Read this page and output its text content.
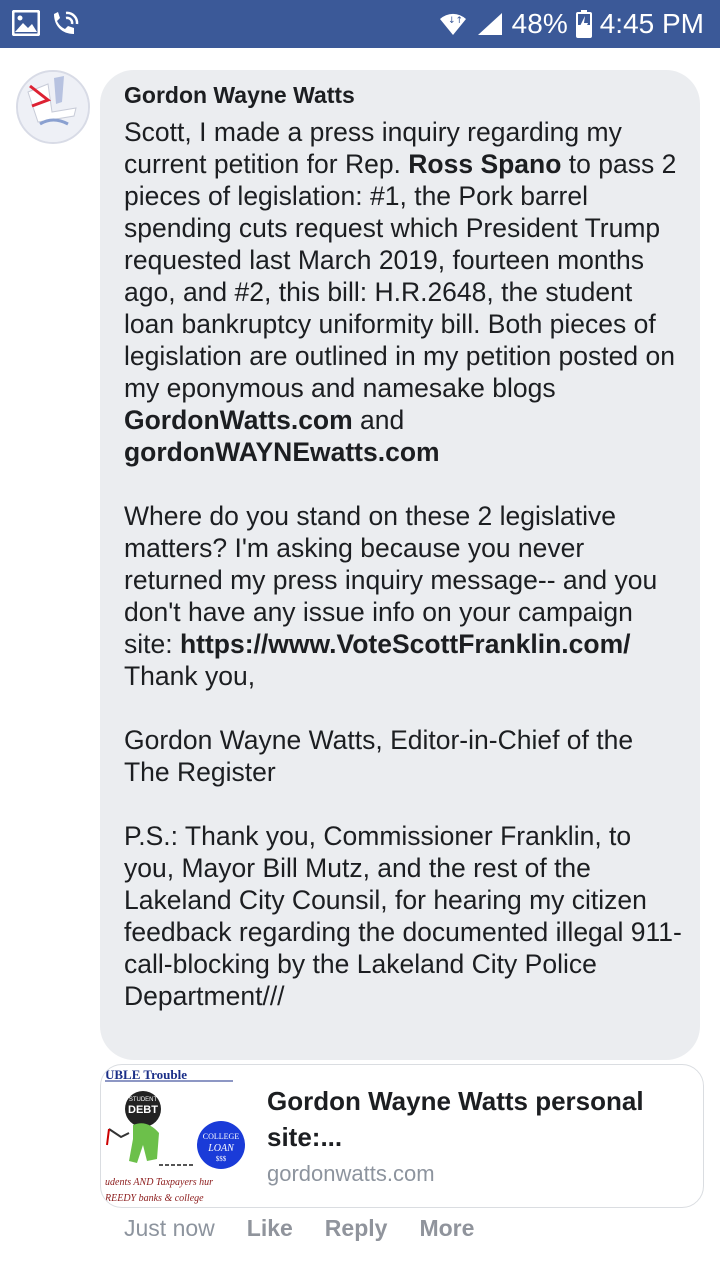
↓↑ 48% 4:45 PM
Gordon Wayne Watts
Scott, I made a press inquiry regarding my current petition for Rep. Ross Spano to pass 2 pieces of legislation: #1, the Pork barrel spending cuts request which President Trump requested last March 2019, fourteen months ago, and #2, this bill: H.R.2648, the student loan bankruptcy uniformity bill. Both pieces of legislation are outlined in my petition posted on my eponymous and namesake blogs GordonWatts.com and gordonWAYNEwatts.com

Where do you stand on these 2 legislative matters? I'm asking because you never returned my press inquiry message-- and you don't have any issue info on your campaign site: https://www.VoteScottFranklin.com/
Thank you,

Gordon Wayne Watts, Editor-in-Chief of the The Register

P.S.: Thank you, Commissioner Franklin, to you, Mayor Bill Mutz, and the rest of the Lakeland City Counsil, for hearing my citizen feedback regarding the documented illegal 911-call-blocking by the Lakeland City Police Department///
UBLE Trouble
STUDENT
DEBT
COLLEGE
LOAN
$$$
udents AND Taxpayers hur
REEDY banks & college
Gordon Wayne Watts personal site:...
gordonwatts.com
Just now Like Reply More
